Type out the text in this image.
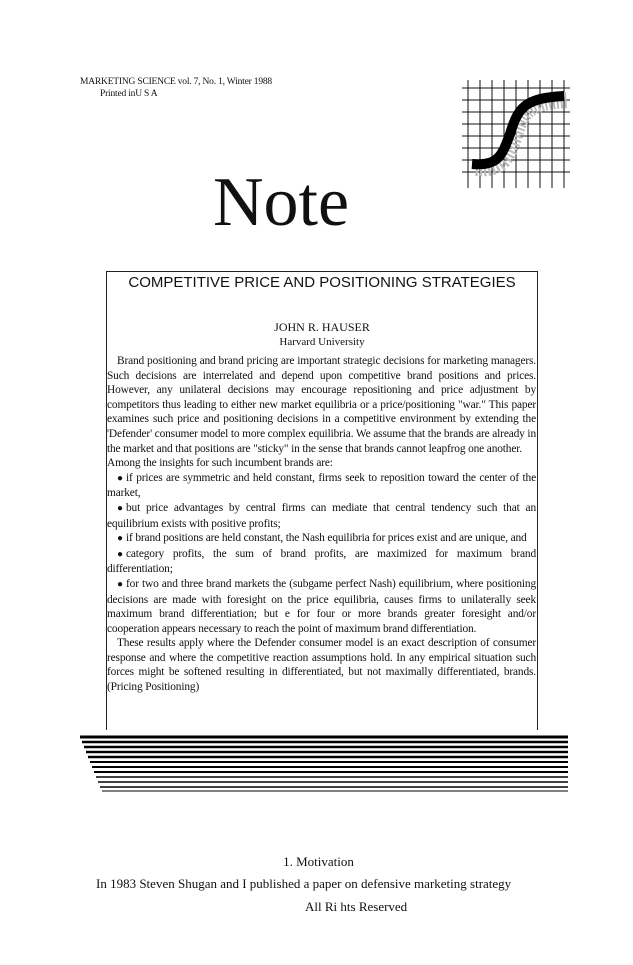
MARKETING SCIENCE vol. 7, No. 1, Winter 1988
Printed inU S A
Note
COMPETITIVE PRICE AND POSITIONING STRATEGIES
JOHN R. HAUSER
Harvard University

Brand positioning and brand pricing are important strategic decisions for marketing managers. Such decisions are interrelated and depend upon competitive brand positions and prices. However, any unilateral decisions may encourage repositioning and price adjustment by competitors thus leading to either new market equilibria or a price/positioning "war." This paper examines such price and positioning decisions in a competitive environment by extending the 'Defender' consumer model to more complex equilibria. We assume that the brands are already in the market and that positions are "sticky" in the sense that brands cannot leapfrog one another.

Among the insights for such incumbent brands are:

● if prices are symmetric and held constant, firms seek to reposition toward the center of the market,
● but price advantages by central firms can mediate that central tendency such that an equilibrium exists with positive profits;
● if brand positions are held constant, the Nash equilibria for prices exist and are unique, and
● category profits, the sum of brand profits, are maximized for maximum brand differentiation;
● for two and three brand markets the (subgame perfect Nash) equilibrium, where positioning decisions are made with foresight on the price equilibria, causes firms to unilaterally seek maximum brand differentiation; but e for four or more brands greater foresight and/or cooperation appears necessary to reach the point of maximum brand differentiation.

These results apply where the Defender consumer model is an exact description of consumer response and where the competitive reaction assumptions hold. In any empirical situation such forces might be softened resulting in differentiated, but not maximally differentiated, brands. (Pricing Positioning)

1. Motivation
In 1983 Steven Shugan and I published a paper on defensive marketing strategy
All Ri hts Reserved
